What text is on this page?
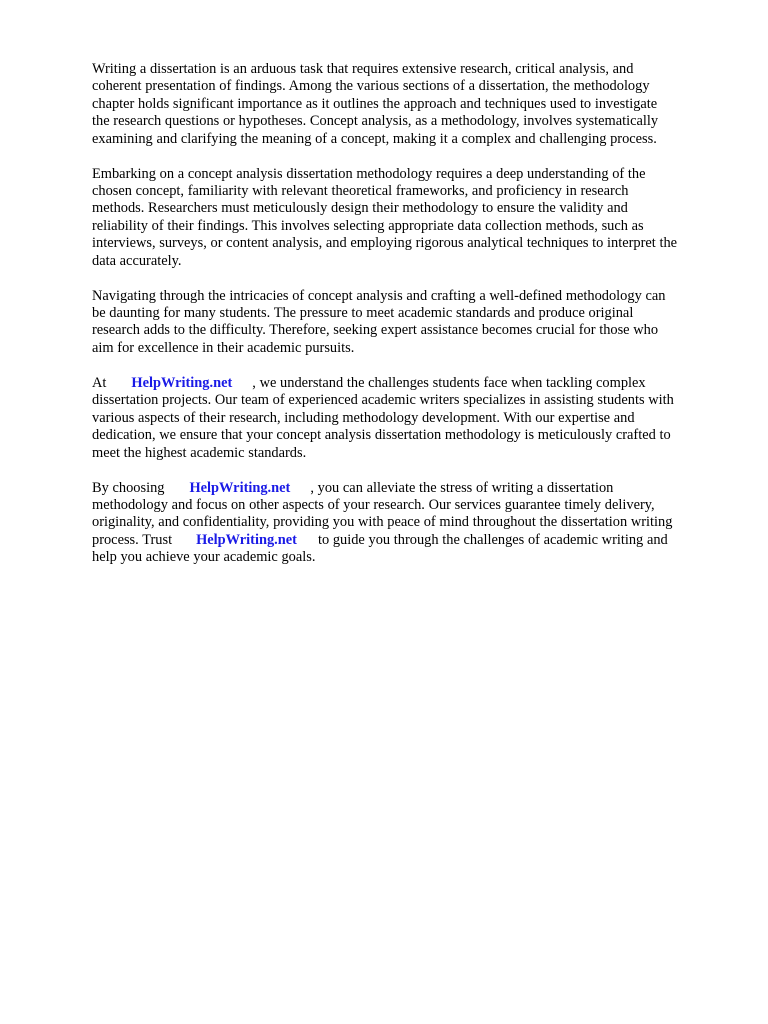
Writing a dissertation is an arduous task that requires extensive research, critical analysis, and
coherent presentation of findings. Among the various sections of a dissertation, the methodology
chapter holds significant importance as it outlines the approach and techniques used to investigate
the research questions or hypotheses. Concept analysis, as a methodology, involves systematically
examining and clarifying the meaning of a concept, making it a complex and challenging process.

Embarking on a concept analysis dissertation methodology requires a deep understanding of the
chosen concept, familiarity with relevant theoretical frameworks, and proficiency in research
methods. Researchers must meticulously design their methodology to ensure the validity and
reliability of their findings. This involves selecting appropriate data collection methods, such as
interviews, surveys, or content analysis, and employing rigorous analytical techniques to interpret the
data accurately.

Navigating through the intricacies of concept analysis and crafting a well-defined methodology can
be daunting for many students. The pressure to meet academic standards and produce original
research adds to the difficulty. Therefore, seeking expert assistance becomes crucial for those who
aim for excellence in their academic pursuits.

At HelpWriting.net , we understand the challenges students face when tackling complex
dissertation projects. Our team of experienced academic writers specializes in assisting students with
various aspects of their research, including methodology development. With our expertise and
dedication, we ensure that your concept analysis dissertation methodology is meticulously crafted to
meet the highest academic standards.

By choosing HelpWriting.net , you can alleviate the stress of writing a dissertation
methodology and focus on other aspects of your research. Our services guarantee timely delivery,
originality, and confidentiality, providing you with peace of mind throughout the dissertation writing
process. Trust HelpWriting.net to guide you through the challenges of academic writing and
help you achieve your academic goals.
